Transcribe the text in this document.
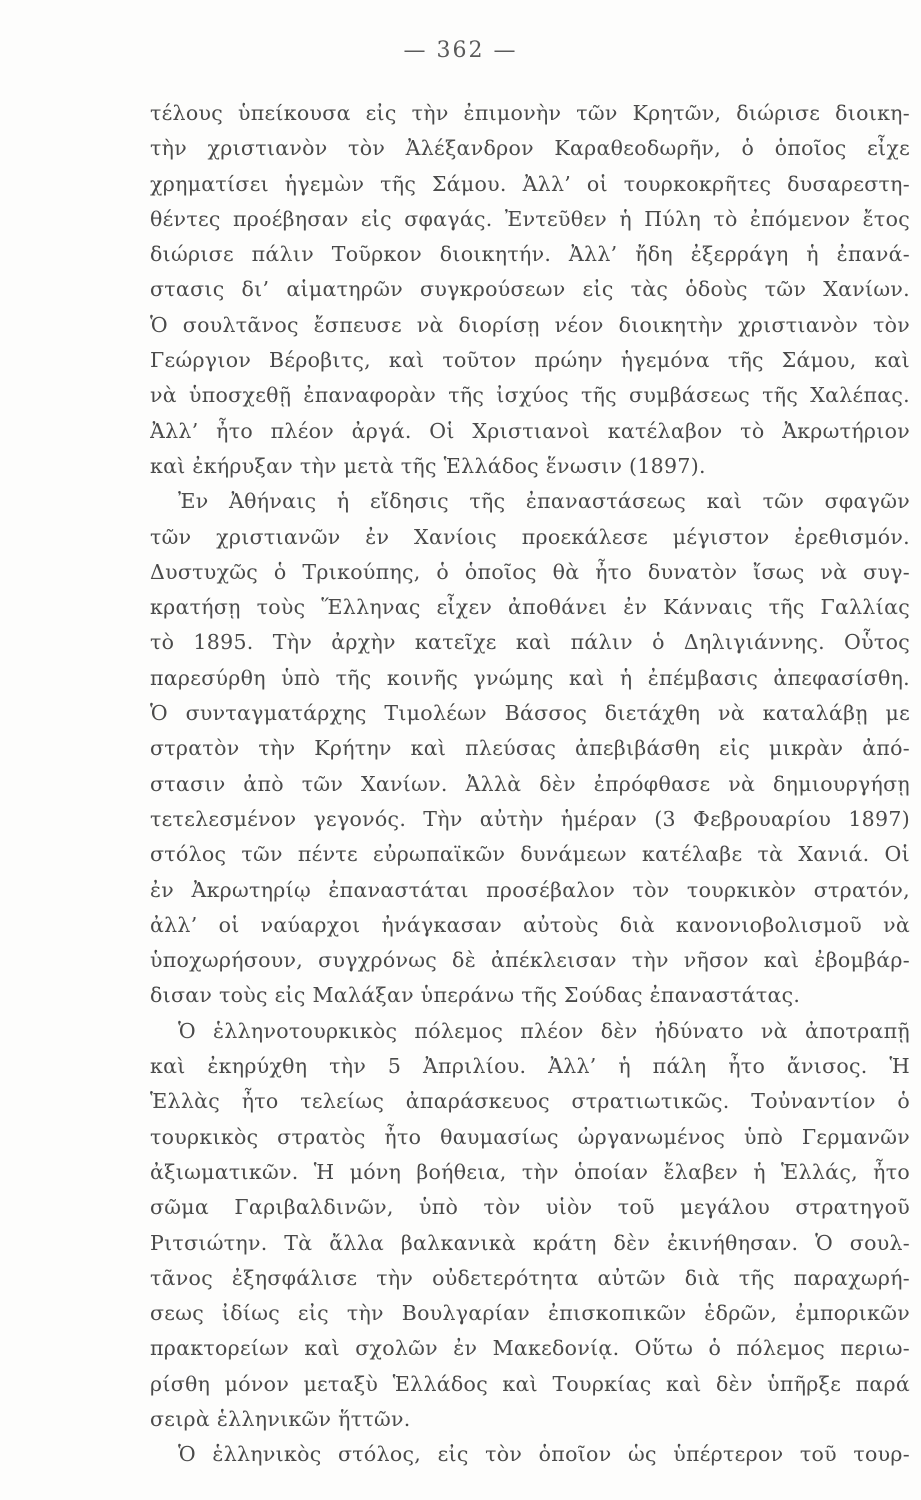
— 362 —
τέλους ὑπείκουσα εἰς τὴν ἐπιμονὴν τῶν Κρητῶν, διώρισε διοικη-
τὴν χριστιανὸν τὸν Ἀλέξανδρον Καραθεοδωρῆν, ὁ ὁποῖος εἶχε
χρηματίσει ἡγεμὼν τῆς Σάμου. Ἀλλ’ οἱ τουρκοκρῆτες δυσαρεστη-
θέντες προέβησαν εἰς σφαγάς. Ἐντεῦθεν ἡ Πύλη τὸ ἐπόμενον ἔτος
διώρισε πάλιν Τοῦρκον διοικητήν. Ἀλλ’ ἤδη ἐξερράγη ἡ ἐπανά-
στασις δι’ αἱματηρῶν συγκρούσεων εἰς τὰς ὁδοὺς τῶν Χανίων.
Ὁ σουλτᾶνος ἔσπευσε νὰ διορίσῃ νέον διοικητὴν χριστιανὸν τὸν
Γεώργιον Βέροβιτς, καὶ τοῦτον πρώην ἡγεμόνα τῆς Σάμου, καὶ
νὰ ὑποσχεθῇ ἐπαναφορὰν τῆς ἰσχύος τῆς συμβάσεως τῆς Χαλέπας.
Ἀλλ’ ἦτο πλέον ἀργά. Οἱ Χριστιανοὶ κατέλαβον τὸ Ἀκρωτήριον
καὶ ἐκήρυξαν τὴν μετὰ τῆς Ἑλλάδος ἕνωσιν (1897).
Ἐν Ἀθήναις ἡ εἴδησις τῆς ἐπαναστάσεως καὶ τῶν σφαγῶν
τῶν χριστιανῶν ἐν Χανίοις προεκάλεσε μέγιστον ἐρεθισμόν.
Δυστυχῶς ὁ Τρικούπης, ὁ ὁποῖος θὰ ἦτο δυνατὸν ἴσως νὰ συγ-
κρατήσῃ τοὺς Ἕλληνας εἶχεν ἀποθάνει ἐν Κάνναις τῆς Γαλλίας
τὸ 1895. Τὴν ἀρχὴν κατεῖχε καὶ πάλιν ὁ Δηλιγιάννης. Οὗτος
παρεσύρθη ὑπὸ τῆς κοινῆς γνώμης καὶ ἡ ἐπέμβασις ἀπεφασίσθη.
Ὁ συνταγματάρχης Τιμολέων Βάσσος διετάχθη νὰ καταλάβῃ με
στρατὸν τὴν Κρήτην καὶ πλεύσας ἀπεβιβάσθη εἰς μικρὰν ἀπό-
στασιν ἀπὸ τῶν Χανίων. Ἀλλὰ δὲν ἐπρόφθασε νὰ δημιουργήσῃ
τετελεσμένον γεγονός. Τὴν αὐτὴν ἡμέραν (3 Φεβρουαρίου 1897)
στόλος τῶν πέντε εὐρωπαϊκῶν δυνάμεων κατέλαβε τὰ Χανιά. Οἱ
ἐν Ἀκρωτηρίῳ ἐπαναστάται προσέβαλον τὸν τουρκικὸν στρατόν,
ἀλλ’ οἱ ναύαρχοι ἠνάγκασαν αὐτοὺς διὰ κανονιοβολισμοῦ νὰ
ὑποχωρήσουν, συγχρόνως δὲ ἀπέκλεισαν τὴν νῆσον καὶ ἐβομβάρ-
δισαν τοὺς εἰς Μαλάξαν ὑπεράνω τῆς Σούδας ἐπαναστάτας.
Ὁ ἑλληνοτουρκικὸς πόλεμος πλέον δὲν ἠδύνατο νὰ ἀποτραπῇ
καὶ ἐκηρύχθη τὴν 5 Ἀπριλίου. Ἀλλ’ ἡ πάλη ἦτο ἄνισος. Ἡ
Ἑλλὰς ἦτο τελείως ἀπαράσκευος στρατιωτικῶς. Τοὐναντίον ὁ
τουρκικὸς στρατὸς ἦτο θαυμασίως ὠργανωμένος ὑπὸ Γερμανῶν
ἀξιωματικῶν. Ἡ μόνη βοήθεια, τὴν ὁποίαν ἔλαβεν ἡ Ἑλλάς, ἦτο
σῶμα Γαριβαλδινῶν, ὑπὸ τὸν υἱὸν τοῦ μεγάλου στρατηγοῦ
Ριτσιώτην. Τὰ ἄλλα βαλκανικὰ κράτη δὲν ἐκινήθησαν. Ὁ σουλ-
τᾶνος ἐξησφάλισε τὴν οὐδετερότητα αὐτῶν διὰ τῆς παραχωρή-
σεως ἰδίως εἰς τὴν Βουλγαρίαν ἐπισκοπικῶν ἑδρῶν, ἐμπορικῶν
πρακτορείων καὶ σχολῶν ἐν Μακεδονίᾳ. Οὕτω ὁ πόλεμος περιω-
ρίσθη μόνον μεταξὺ Ἑλλάδος καὶ Τουρκίας καὶ δὲν ὑπῆρξε παρά
σειρὰ ἑλληνικῶν ἥττῶν.
Ὁ ἑλληνικὸς στόλος, εἰς τὸν ὁποῖον ὡς ὑπέρτερον τοῦ τουρ-
